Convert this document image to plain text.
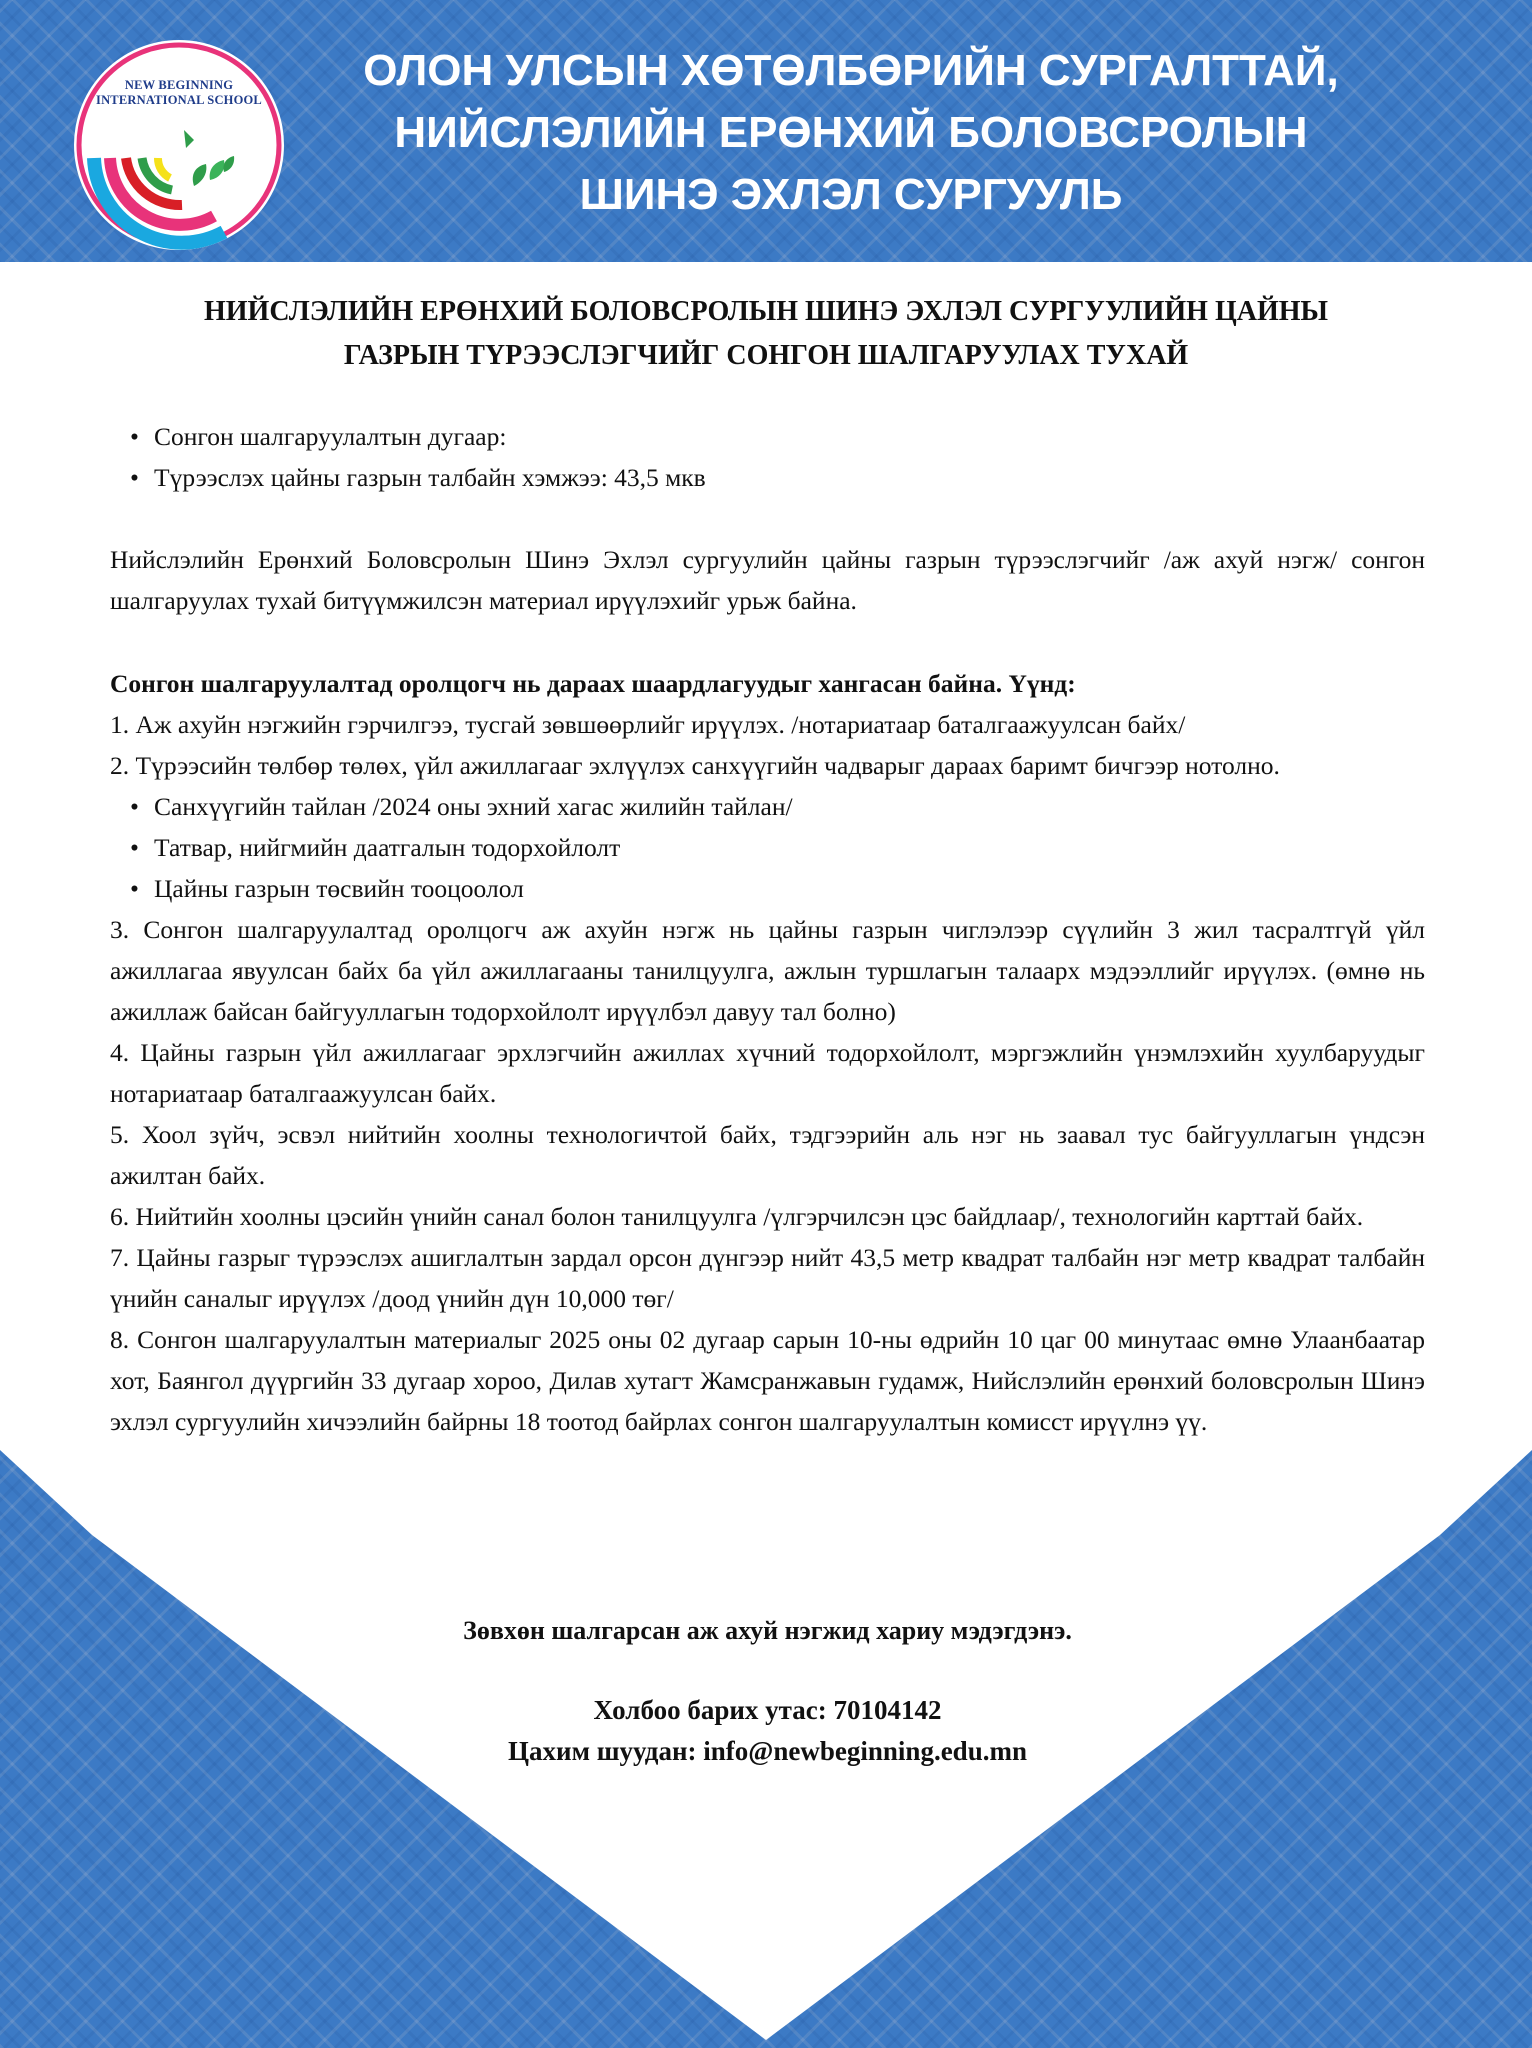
NEW BEGINNING
INTERNATIONAL SCHOOL
ОЛОН УЛСЫН ХӨТӨЛБӨРИЙН СУРГАЛТТАЙ,
НИЙСЛЭЛИЙН ЕРӨНХИЙ БОЛОВСРОЛЫН
ШИНЭ ЭХЛЭЛ СУРГУУЛЬ
НИЙСЛЭЛИЙН ЕРӨНХИЙ БОЛОВСРОЛЫН ШИНЭ ЭХЛЭЛ СУРГУУЛИЙН ЦАЙНЫ
ГАЗРЫН ТҮРЭЭСЛЭГЧИЙГ СОНГОН ШАЛГАРУУЛАХ ТУХАЙ
• Сонгон шалгаруулалтын дугаар:
• Түрээслэх цайны газрын талбайн хэмжээ: 43,5 мкв
Нийслэлийн Ерөнхий Боловсролын Шинэ Эхлэл сургуулийн цайны газрын түрээслэгчийг /аж ахуй нэгж/ сонгон шалгаруулах тухай битүүмжилсэн материал ирүүлэхийг урьж байна.
Сонгон шалгаруулалтад оролцогч нь дараах шаардлагуудыг хангасан байна. Үүнд:
1. Аж ахуйн нэгжийн гэрчилгээ, тусгай зөвшөөрлийг ирүүлэх. /нотариатаар баталгаажуулсан байх/
2. Түрээсийн төлбөр төлөх, үйл ажиллагааг эхлүүлэх санхүүгийн чадварыг дараах баримт бичгээр нотолно.
• Санхүүгийн тайлан /2024 оны эхний хагас жилийн тайлан/
• Татвар, нийгмийн даатгалын тодорхойлолт
• Цайны газрын төсвийн тооцоолол
3. Сонгон шалгаруулалтад оролцогч аж ахуйн нэгж нь цайны газрын чиглэлээр сүүлийн 3 жил тасралтгүй үйл ажиллагаа явуулсан байх ба үйл ажиллагааны танилцуулга, ажлын туршлагын талаарх мэдээллийг ирүүлэх. (өмнө нь ажиллаж байсан байгууллагын тодорхойлолт ирүүлбэл давуу тал болно)
4. Цайны газрын үйл ажиллагааг эрхлэгчийн ажиллах хүчний тодорхойлолт, мэргэжлийн үнэмлэхийн хуулбаруудыг нотариатаар баталгаажуулсан байх.
5. Хоол зүйч, эсвэл нийтийн хоолны технологичтой байх, тэдгээрийн аль нэг нь заавал тус байгууллагын үндсэн ажилтан байх.
6. Нийтийн хоолны цэсийн үнийн санал болон танилцуулга /үлгэрчилсэн цэс байдлаар/, технологийн карттай байх.
7. Цайны газрыг түрээслэх ашиглалтын зардал орсон дүнгээр нийт 43,5 метр квадрат талбайн нэг метр квадрат талбайн үнийн саналыг ирүүлэх /доод үнийн дүн 10,000 төг/
8. Сонгон шалгаруулалтын материалыг 2025 оны 02 дугаар сарын 10-ны өдрийн 10 цаг 00 минутаас өмнө Улаанбаатар хот, Баянгол дүүргийн 33 дугаар хороо, Дилав хутагт Жамсранжавын гудамж, Нийслэлийн ерөнхий боловсролын Шинэ эхлэл сургуулийн хичээлийн байрны 18 тоотод байрлах сонгон шалгаруулалтын комисст ирүүлнэ үү.
Зөвхөн шалгарсан аж ахуй нэгжид хариу мэдэгдэнэ.
Холбоо барих утас: 70104142
Цахим шуудан: info@newbeginning.edu.mn
